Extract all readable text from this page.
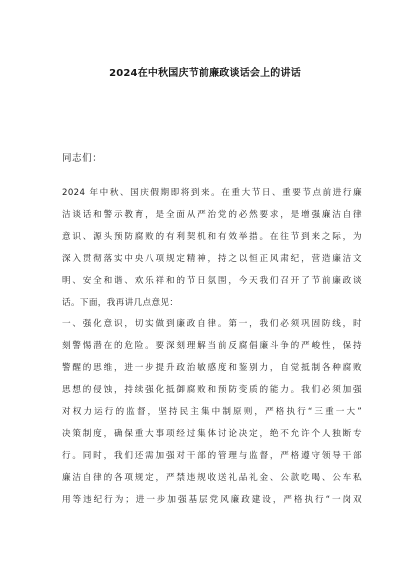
2024在中秋国庆节前廉政谈话会上的讲话
同志们：
2024 年中秋、国庆假期即将到来。在重大节日、重要节点前进行廉
洁谈话和警示教育，是全面从严治党的必然要求，是增强廉洁自律
意识、源头预防腐败的有利契机和有效举措。在往节到来之际，为
深入贯彻落实中央八项规定精神，持之以恒正风肃纪，营造廉洁文
明、安全和谐、欢乐祥和的节日氛围，今天我们召开了节前廉政谈
话。下面，我再讲几点意见：
一、强化意识，切实做到廉政自律。第一，我们必须巩固防线，时
刻警惕潜在的危险。要深刻理解当前反腐倡廉斗争的严峻性，保持
警醒的思维，进一步提升政治敏感度和鉴别力，自觉抵制各种腐败
思想的侵蚀，持续强化抵御腐败和预防变质的能力。我们必须加强
对权力运行的监督，坚持民主集中制原则，严格执行“三重一大”
决策制度，确保重大事项经过集体讨论决定，绝不允许个人独断专
行。同时，我们还需加强对干部的管理与监督，严格遵守领导干部
廉洁自律的各项规定，严禁违规收送礼品礼金、公款吃喝、公车私
用等违纪行为；进一步加强基层党风廉政建设，严格执行“一岗双
